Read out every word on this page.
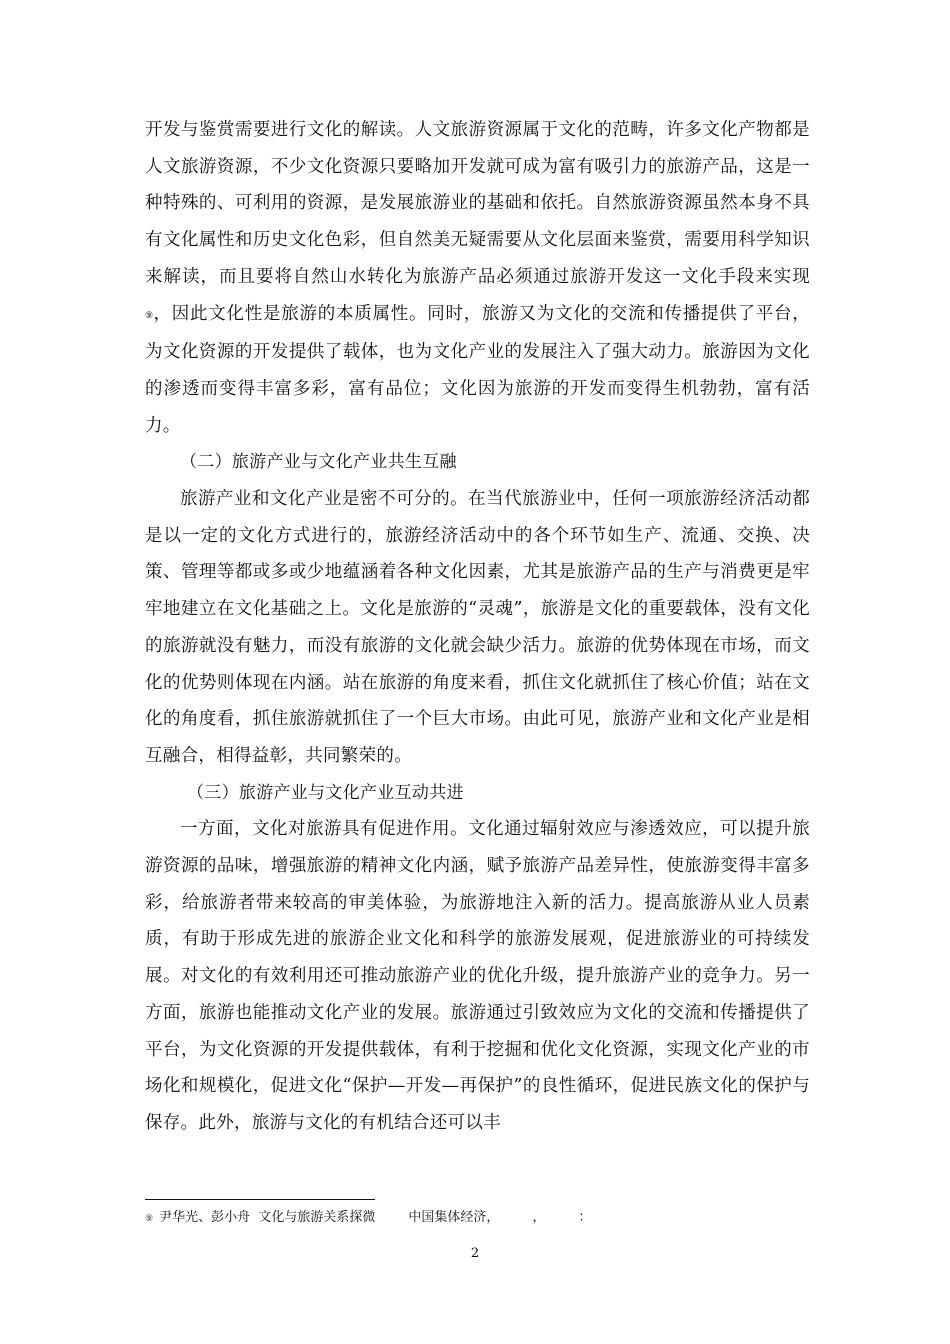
开发与鉴赏需要进行文化的解读。人文旅游资源属于文化的范畴，许多文化产物都是人文旅游资源，不少文化资源只要略加开发就可成为富有吸引力的旅游产品，这是一种特殊的、可利用的资源，是发展旅游业的基础和依托。自然旅游资源虽然本身不具有文化属性和历史文化色彩，但自然美无疑需要从文化层面来鉴赏，需要用科学知识来解读，而且要将自然山水转化为旅游产品必须通过旅游开发这一文化手段来实现⑨，因此文化性是旅游的本质属性。同时，旅游又为文化的交流和传播提供了平台，为文化资源的开发提供了载体，也为文化产业的发展注入了强大动力。旅游因为文化的渗透而变得丰富多彩，富有品位；文化因为旅游的开发而变得生机勃勃，富有活力。

（二）旅游产业与文化产业共生互融

旅游产业和文化产业是密不可分的。在当代旅游业中，任何一项旅游经济活动都是以一定的文化方式进行的，旅游经济活动中的各个环节如生产、流通、交换、决策、管理等都或多或少地蕴涵着各种文化因素，尤其是旅游产品的生产与消费更是牢牢地建立在文化基础之上。文化是旅游的“灵魂”，旅游是文化的重要载体，没有文化的旅游就没有魅力，而没有旅游的文化就会缺少活力。旅游的优势体现在市场，而文化的优势则体现在内涵。站在旅游的角度来看，抓住文化就抓住了核心价值；站在文化的角度看，抓住旅游就抓住了一个巨大市场。由此可见，旅游产业和文化产业是相互融合，相得益彰，共同繁荣的。

（三）旅游产业与文化产业互动共进

一方面，文化对旅游具有促进作用。文化通过辐射效应与渗透效应，可以提升旅游资源的品味，增强旅游的精神文化内涵，赋予旅游产品差异性，使旅游变得丰富多彩，给旅游者带来较高的审美体验，为旅游地注入新的活力。提高旅游从业人员素质，有助于形成先进的旅游企业文化和科学的旅游发展观，促进旅游业的可持续发展。对文化的有效利用还可推动旅游产业的优化升级，提升旅游产业的竞争力。另一方面，旅游也能推动文化产业的发展。旅游通过引致效应为文化的交流和传播提供了平台，为文化资源的开发提供载体，有利于挖掘和优化文化资源，实现文化产业的市场化和规模化，促进文化“保护—开发—再保护”的良性循环，促进民族文化的保护与保存。此外，旅游与文化的有机结合还可以丰

⑨ 尹华光、彭小舟  文化与旅游关系探微        中国集体经济，        ，        ：
2
